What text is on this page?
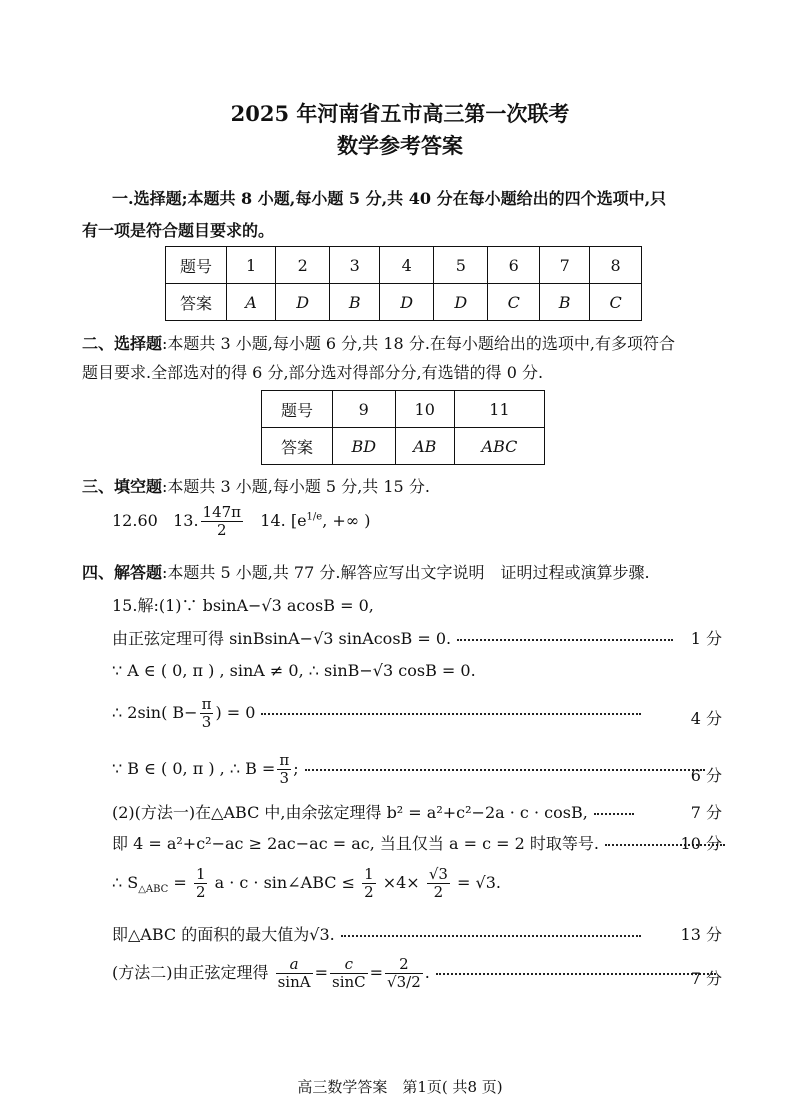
2025 年河南省五市高三第一次联考
数学参考答案
一.选择题;本题共 8 小题,每小题 5 分,共 40 分在每小题给出的四个选项中,只
有一项是符合题目要求的。
题号	1	2	3	4	5	6	7	8
答案	A	D	B	D	D	C	B	C
二、选择题:本题共 3 小题,每小题 6 分,共 18 分.在每小题给出的选项中,有多项符合
题目要求.全部选对的得 6 分,部分选对得部分分,有选错的得 0 分.
题号	9	10	11
答案	BD	AB	ABC
三、填空题:本题共 3 小题,每小题 5 分,共 15 分.
12.60 13. $\frac{147\pi}{2} 14$. [$e^{1/e}$, +∞ )
四、解答题:本题共 5 小题,共 77 分.解答应写出文字说明　证明过程或演算步骤.
15.解:(1)∵ bsinA−√3 acosB = 0,
由正弦定理可得 sinBsinA−√3 sinAcosB = 0.	1 分
∵ A ∈ ( 0, π ) , sinA ≠ 0, ∴ sinB−√3 cosB = 0.
∴ 2sin( $B- \frac{\pi}{3}$ ) = 0	4 分
∵ B ∈ ( 0, π ) , ∴ $B = \frac{\pi}{3}$ ;	6 分
(2)(方法一)在△ABC 中,由余弦定理得 b² = a²+c²−2a · c · cosB,	7 分
即 4 = a²+c²−ac ≥ 2ac−ac = ac, 当且仅当 a = c = 2 时取等号.	10 分
∴ $S_{\triangle ABC} = \frac{1}{2}$ a · c · sin∠ABC ≤ $\frac{1}{2} \times 4\times \frac{√3}{2} = √3$.
即△ABC 的面积的最大值为√3.	13 分
(方法二)由正弦定理得 $\frac{a}{\sin A} = \frac{c}{\sin C} = \frac{2}{√3/2}$ .	7 分
高三数学答案　第1页( 共8 页)
